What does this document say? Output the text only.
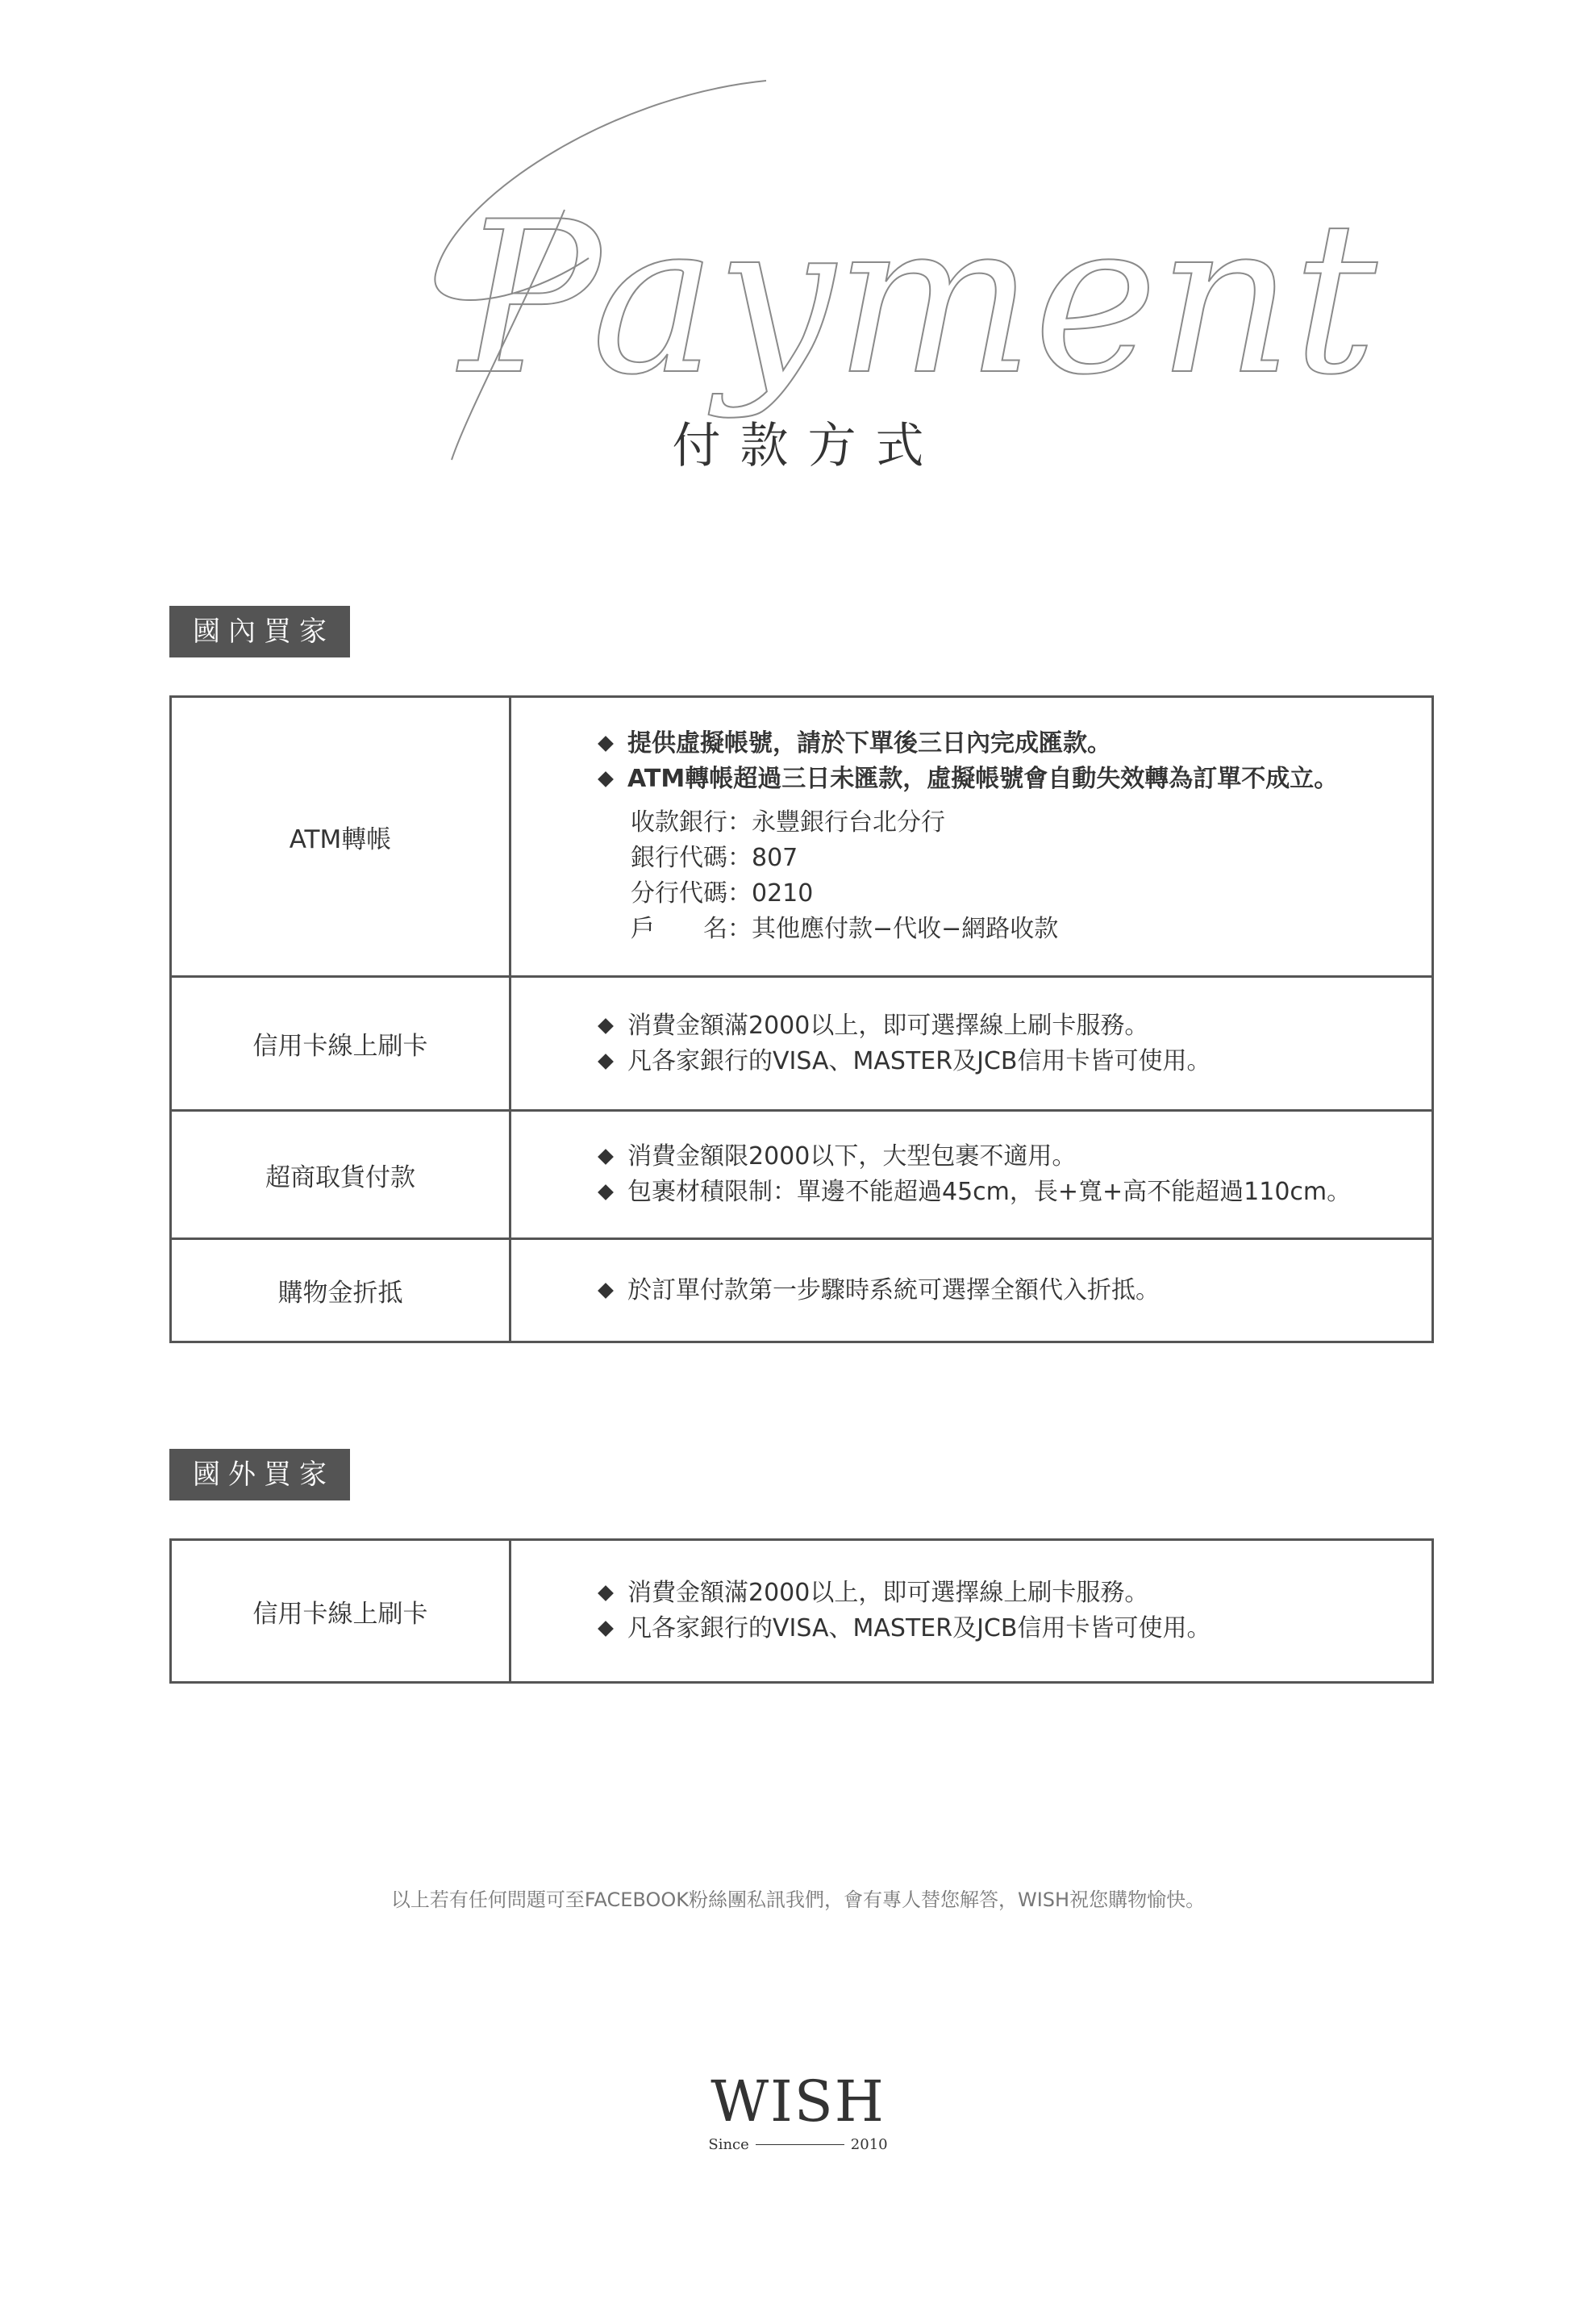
Payment
付款方式
國內買家
ATM轉帳
提供虛擬帳號，請於下單後三日內完成匯款。
ATM轉帳超過三日未匯款，虛擬帳號會自動失效轉為訂單不成立。
收款銀行：永豐銀行台北分行
銀行代碼：807
分行代碼：0210
戶　　名：其他應付款−代收−網路收款
信用卡線上刷卡
消費金額滿2000以上，即可選擇線上刷卡服務。
凡各家銀行的VISA、MASTER及JCB信用卡皆可使用。
超商取貨付款
消費金額限2000以下，大型包裹不適用。
包裹材積限制：單邊不能超過45cm，長+寬+高不能超過110cm。
購物金折抵	於訂單付款第一步驟時系統可選擇全額代入折抵。
國外買家
信用卡線上刷卡
消費金額滿2000以上，即可選擇線上刷卡服務。
凡各家銀行的VISA、MASTER及JCB信用卡皆可使用。
以上若有任何問題可至FACEBOOK粉絲團私訊我們，會有專人替您解答，WISH祝您購物愉快。
WISH
Since	2010
